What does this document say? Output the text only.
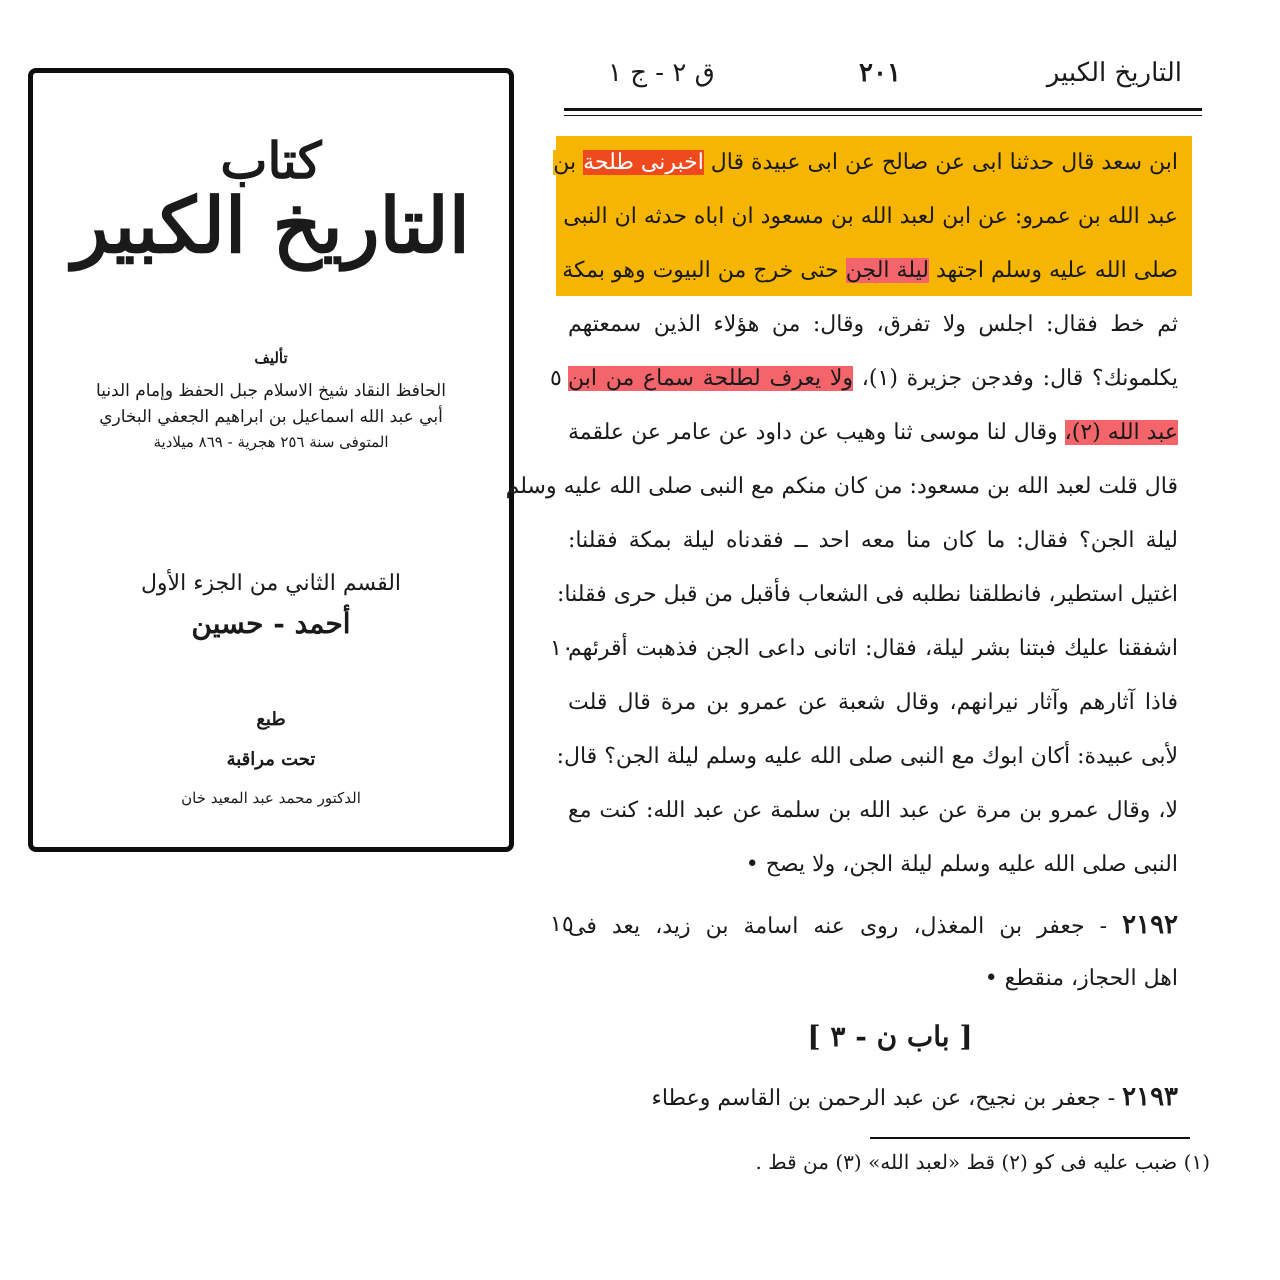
كتاب
التاريخ الكبير
تأليف
الحافظ النقاد شيخ الاسلام جبل الحفظ وإمام الدنيا
أبي عبد الله اسماعيل بن ابراهيم الجعفي البخاري
المتوفى سنة ٢٥٦ هجرية - ٨٦٩ ميلادية
القسم الثاني من الجزء الأول
أحمد - حسين
طبع
تحت مراقبة
الدكتور محمد عبد المعيد خان
التاريخ الكبير
٢٠١
ق ٢ - ج ١
ابن سعد قال حدثنا ابى عن صالح عن ابى عبيدة قال اخبرنى طلحة بن
عبد الله بن عمرو: عن ابن لعبد الله بن مسعود ان اباه حدثه ان النبى
صلى الله عليه وسلم اجتهد ليلة الجن حتى خرج من البيوت وهو بمكة
ثم خط فقال: اجلس ولا تفرق، وقال: من هؤلاء الذين سمعتهم
يكلمونك؟ قال: وفدجن جزيرة (١)، ولا يعرف لطلحة سماع من ابن
٥
عبد الله (٢)، وقال لنا موسى ثنا وهيب عن داود عن عامر عن علقمة
قال قلت لعبد الله بن مسعود: من كان منكم مع النبى صلى الله عليه وسلم
ليلة الجن؟ فقال: ما كان منا معه احد ــ فقدناه ليلة بمكة فقلنا:
اغتيل استطير، فانطلقنا نطلبه فى الشعاب فأقبل من قبل حرى فقلنا:
اشفقنا عليك فبتنا بشر ليلة، فقال: اتانى داعى الجن فذهبت أقرئهم
١٠
فاذا آثارهم وآثار نيرانهم، وقال شعبة عن عمرو بن مرة قال قلت
لأبى عبيدة: أكان ابوك مع النبى صلى الله عليه وسلم ليلة الجن؟ قال:
لا، وقال عمرو بن مرة عن عبد الله بن سلمة عن عبد الله: كنت مع
النبى صلى الله عليه وسلم ليلة الجن، ولا يصح •
٢١٩٢ - جعفر بن المغذل، روى عنه اسامة بن زيد، يعد فى
١٥
اهل الحجاز، منقطع •
[ باب ن - ٣ ]
٢١٩٣ - جعفر بن نجيح، عن عبد الرحمن بن القاسم وعطاء
(١) ضبب عليه فى كو (٢) قط «لعبد الله» (٣) من قط .
